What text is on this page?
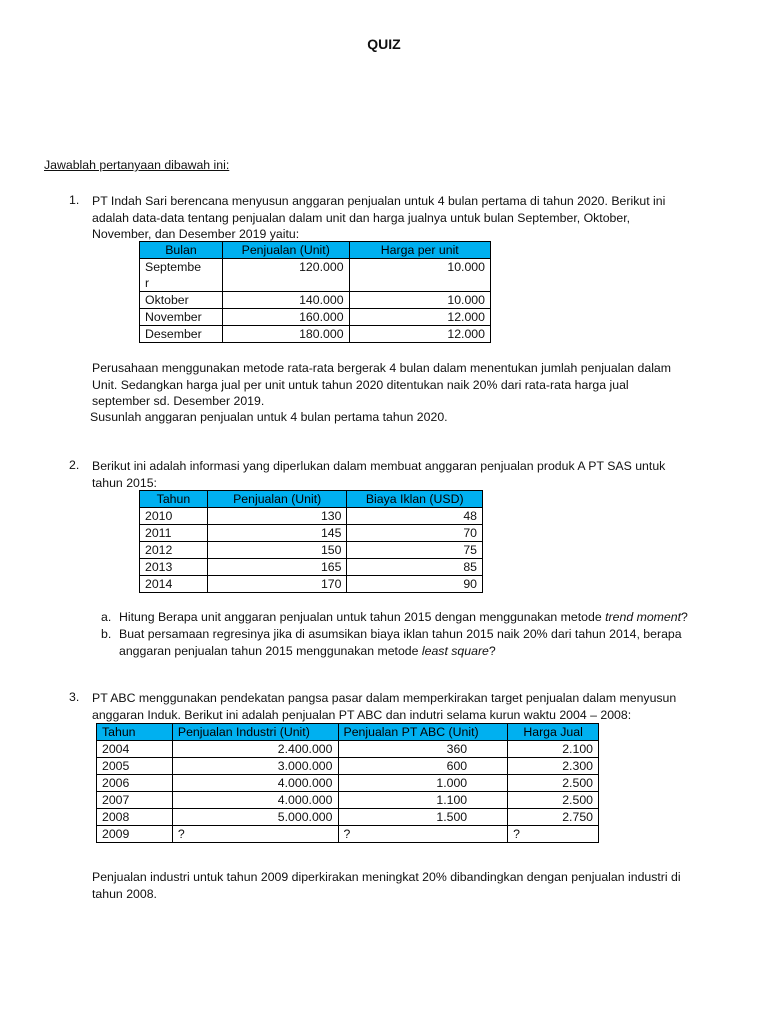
QUIZ
Jawablah pertanyaan dibawah ini:
1.	PT Indah Sari berencana menyusun anggaran penjualan untuk 4 bulan pertama di tahun 2020. Berikut ini
adalah data-data tentang penjualan dalam unit dan harga jualnya untuk bulan September, Oktober,
November, dan Desember 2019 yaitu:
Bulan	Penjualan (Unit)	Harga per unit
Septembe
r	120.000	10.000
Oktober	140.000	10.000
November	160.000	12.000
Desember	180.000	12.000
Perusahaan menggunakan metode rata-rata bergerak 4 bulan dalam menentukan jumlah penjualan dalam
Unit. Sedangkan harga jual per unit untuk tahun 2020 ditentukan naik 20% dari rata-rata harga jual
september sd. Desember 2019.
Susunlah anggaran penjualan untuk 4 bulan pertama tahun 2020.
2.	Berikut ini adalah informasi yang diperlukan dalam membuat anggaran penjualan produk A PT SAS untuk
tahun 2015:
Tahun	Penjualan (Unit)	Biaya Iklan (USD)
2010	130	48
2011	145	70
2012	150	75
2013	165	85
2014	170	90
a. Hitung Berapa unit anggaran penjualan untuk tahun 2015 dengan menggunakan metode trend moment?
b. Buat persamaan regresinya jika di asumsikan biaya iklan tahun 2015 naik 20% dari tahun 2014, berapa
anggaran penjualan tahun 2015 menggunakan metode least square?
3.	PT ABC menggunakan pendekatan pangsa pasar dalam memperkirakan target penjualan dalam menyusun
anggaran Induk. Berikut ini adalah penjualan PT ABC dan indutri selama kurun waktu 2004 – 2008:
Tahun	Penjualan Industri (Unit)	Penjualan PT ABC (Unit)	Harga Jual
2004	2.400.000	360	2.100
2005	3.000.000	600	2.300
2006	4.000.000	1.000	2.500
2007	4.000.000	1.100	2.500
2008	5.000.000	1.500	2.750
2009	?	?	?
Penjualan industri untuk tahun 2009 diperkirakan meningkat 20% dibandingkan dengan penjualan industri di
tahun 2008.
